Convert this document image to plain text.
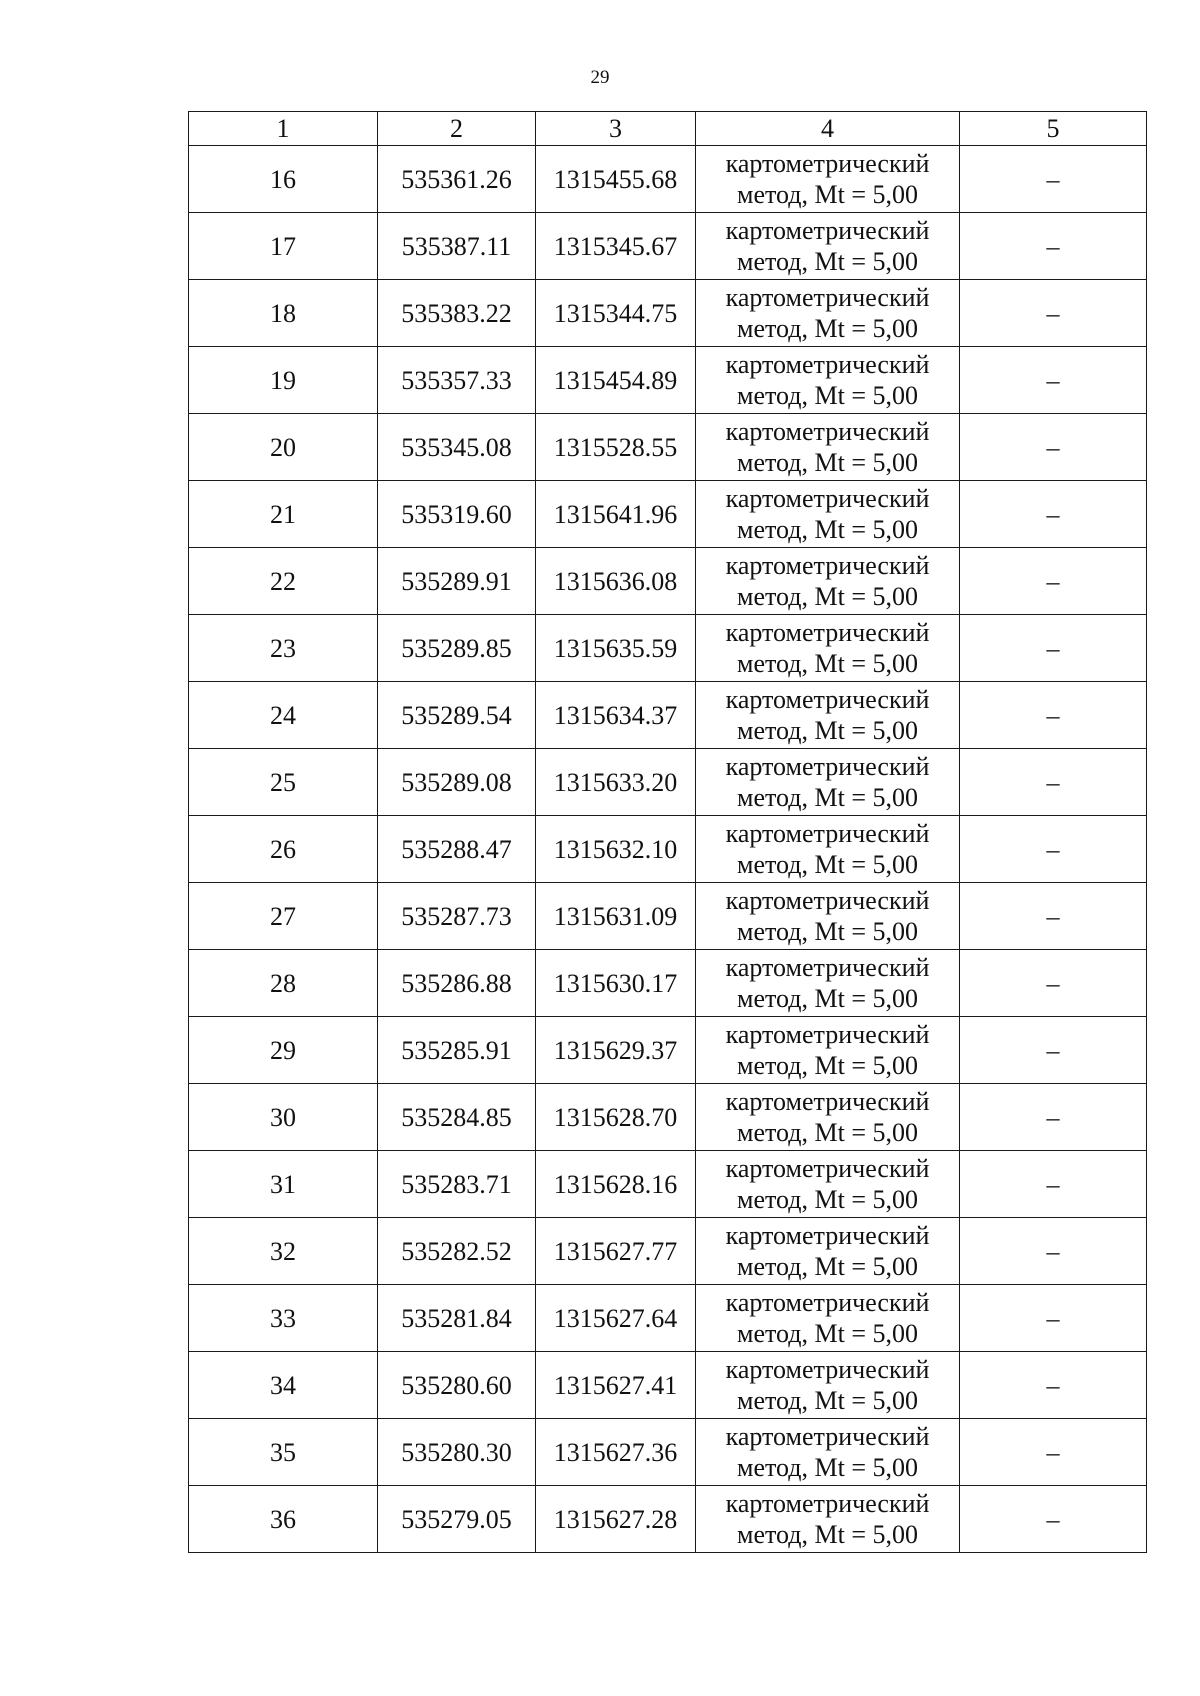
29
1	2	3	4	5
16	535361.26	1315455.68	картометрический
метод, Mt = 5,00	–
17	535387.11	1315345.67	картометрический
метод, Mt = 5,00	–
18	535383.22	1315344.75	картометрический
метод, Mt = 5,00	–
19	535357.33	1315454.89	картометрический
метод, Mt = 5,00	–
20	535345.08	1315528.55	картометрический
метод, Mt = 5,00	–
21	535319.60	1315641.96	картометрический
метод, Mt = 5,00	–
22	535289.91	1315636.08	картометрический
метод, Mt = 5,00	–
23	535289.85	1315635.59	картометрический
метод, Mt = 5,00	–
24	535289.54	1315634.37	картометрический
метод, Mt = 5,00	–
25	535289.08	1315633.20	картометрический
метод, Mt = 5,00	–
26	535288.47	1315632.10	картометрический
метод, Mt = 5,00	–
27	535287.73	1315631.09	картометрический
метод, Mt = 5,00	–
28	535286.88	1315630.17	картометрический
метод, Mt = 5,00	–
29	535285.91	1315629.37	картометрический
метод, Mt = 5,00	–
30	535284.85	1315628.70	картометрический
метод, Mt = 5,00	–
31	535283.71	1315628.16	картометрический
метод, Mt = 5,00	–
32	535282.52	1315627.77	картометрический
метод, Mt = 5,00	–
33	535281.84	1315627.64	картометрический
метод, Mt = 5,00	–
34	535280.60	1315627.41	картометрический
метод, Mt = 5,00	–
35	535280.30	1315627.36	картометрический
метод, Mt = 5,00	–
36	535279.05	1315627.28	картометрический
метод, Mt = 5,00	–
